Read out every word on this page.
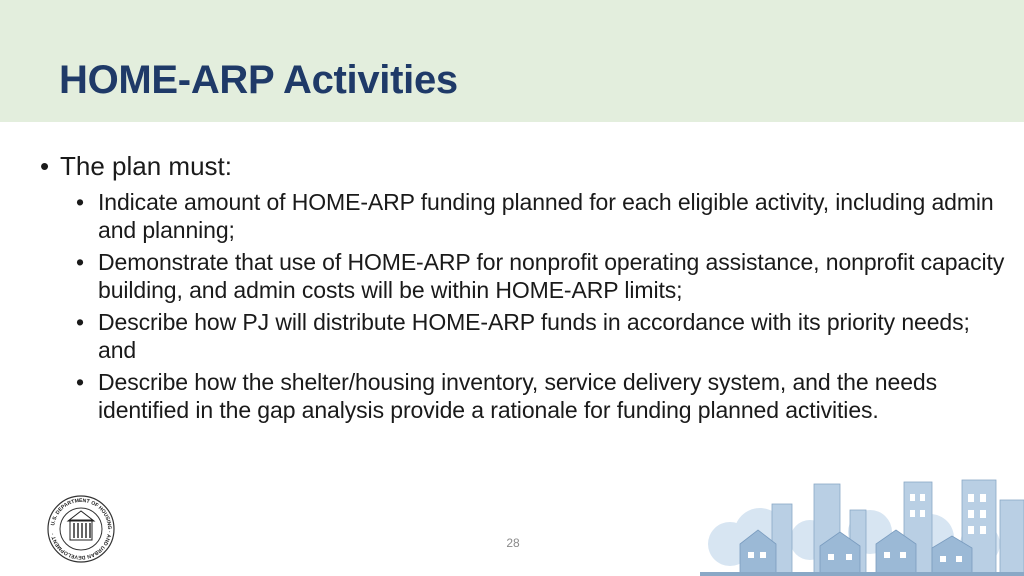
HOME-ARP Activities
• The plan must:
• Indicate amount of HOME-ARP funding planned for each eligible activity, including admin and planning;
• Demonstrate that use of HOME-ARP for nonprofit operating assistance, nonprofit capacity building, and admin costs will be within HOME-ARP limits;
• Describe how PJ will distribute HOME-ARP funds in accordance with its priority needs; and
• Describe how the shelter/housing inventory, service delivery system, and the needs identified in the gap analysis provide a rationale for funding planned activities.
U.S. DEPARTMENT OF HOUSING · AND URBAN DEVELOPMENT ·
28
